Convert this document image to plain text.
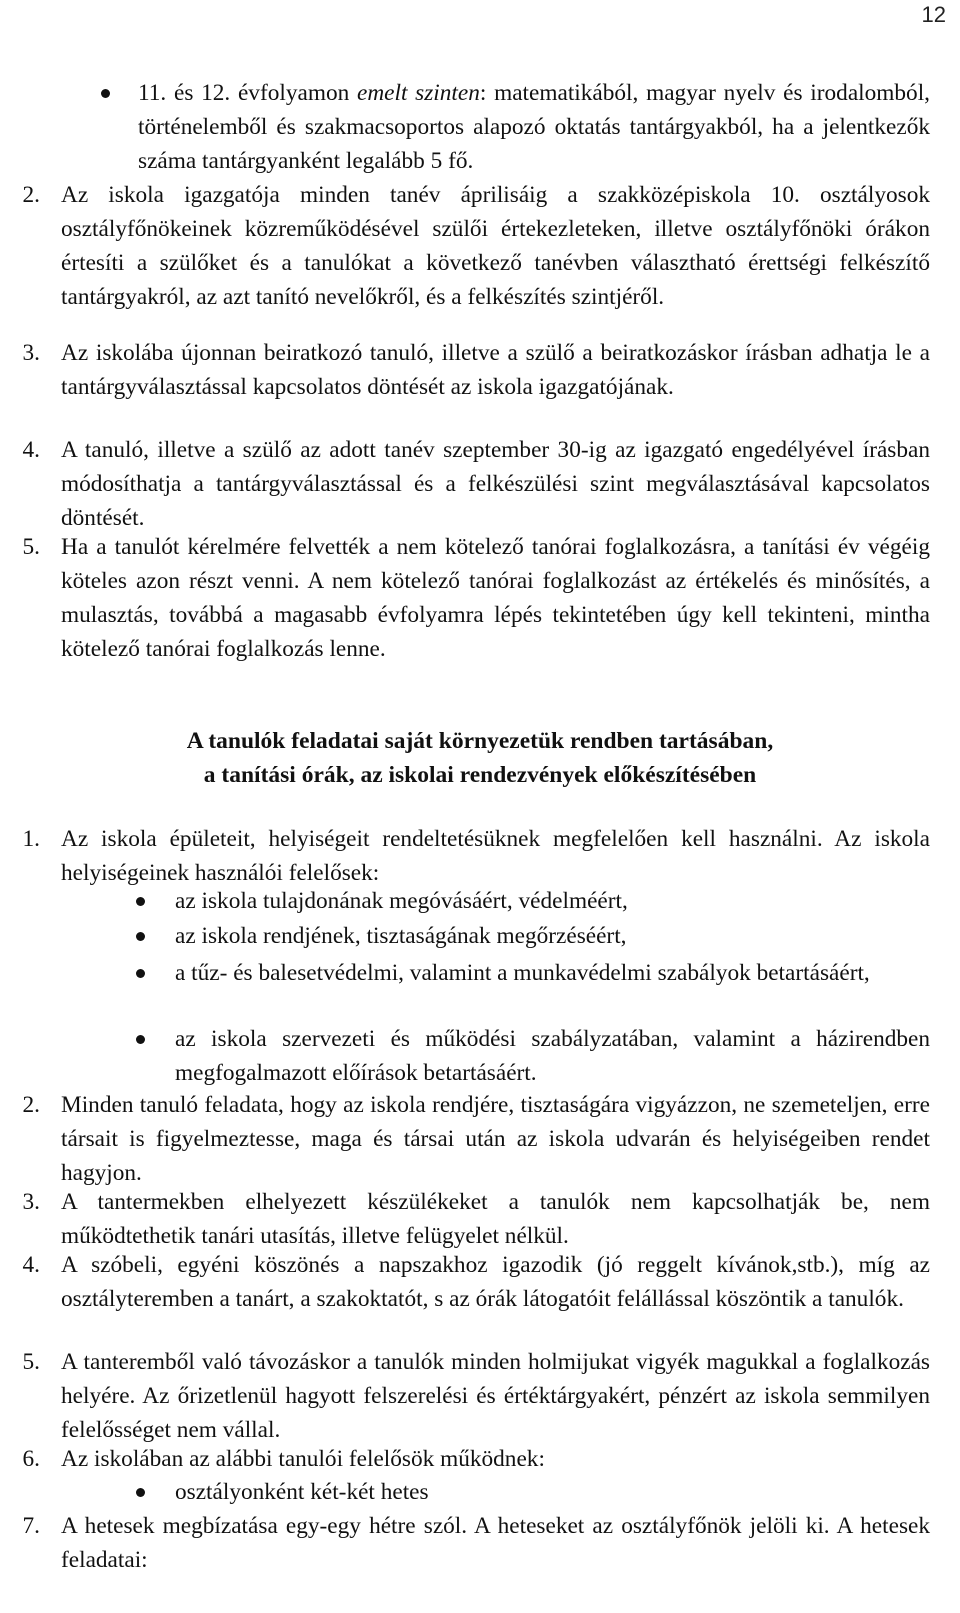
12
11. és 12. évfolyamon emelt szinten: matematikából, magyar nyelv és irodalomból, történelemből és szakmacsoportos alapozó oktatás tantárgyakból, ha a jelentkezők száma tantárgyanként legalább 5 fő.
2. Az iskola igazgatója minden tanév áprilisáig a szakközépiskola 10. osztályosok osztályfőnökeinek közreműködésével szülői értekezleteken, illetve osztályfőnöki órákon értesíti a szülőket és a tanulókat a következő tanévben választható érettségi felkészítő tantárgyakról, az azt tanító nevelőkről, és a felkészítés szintjéről.
3. Az iskolába újonnan beiratkozó tanuló, illetve a szülő a beiratkozáskor írásban adhatja le a tantárgyválasztással kapcsolatos döntését az iskola igazgatójának.
4. A tanuló, illetve a szülő az adott tanév szeptember 30-ig az igazgató engedélyével írásban módosíthatja a tantárgyválasztással és a felkészülési szint megválasztásával kapcsolatos döntését.
5. Ha a tanulót kérelmére felvették a nem kötelező tanórai foglalkozásra, a tanítási év végéig köteles azon részt venni. A nem kötelező tanórai foglalkozást az értékelés és minősítés, a mulasztás, továbbá a magasabb évfolyamra lépés tekintetében úgy kell tekinteni, mintha kötelező tanórai foglalkozás lenne.
A tanulók feladatai saját környezetük rendben tartásában,
a tanítási órák, az iskolai rendezvények előkészítésében
1. Az iskola épületeit, helyiségeit rendeltetésüknek megfelelően kell használni. Az iskola helyiségeinek használói felelősek:
az iskola tulajdonának megóvásáért, védelméért,
az iskola rendjének, tisztaságának megőrzéséért,
a tűz- és balesetvédelmi, valamint a munkavédelmi szabályok betartásáért,
az iskola szervezeti és működési szabályzatában, valamint a házirendben megfogalmazott előírások betartásáért.
2. Minden tanuló feladata, hogy az iskola rendjére, tisztaságára vigyázzon, ne szemeteljen, erre társait is figyelmeztesse, maga és társai után az iskola udvarán és helyiségeiben rendet hagyjon.
3. A tantermekben elhelyezett készülékeket a tanulók nem kapcsolhatják be, nem működtethetik tanári utasítás, illetve felügyelet nélkül.
4. A szóbeli, egyéni köszönés a napszakhoz igazodik (jó reggelt kívánok,stb.), míg az osztályteremben a tanárt, a szakoktatót, s az órák látogatóit felállással köszöntik a tanulók.
5. A tanteremből való távozáskor a tanulók minden holmijukat vigyék magukkal a foglalkozás helyére. Az őrizetlenül hagyott felszerelési és értéktárgyakért, pénzért az iskola semmilyen felelősséget nem vállal.
6. Az iskolában az alábbi tanulói felelősök működnek:
osztályonként két-két hetes
7. A hetesek megbízatása egy-egy hétre szól. A heteseket az osztályfőnök jelöli ki. A hetesek feladatai:
